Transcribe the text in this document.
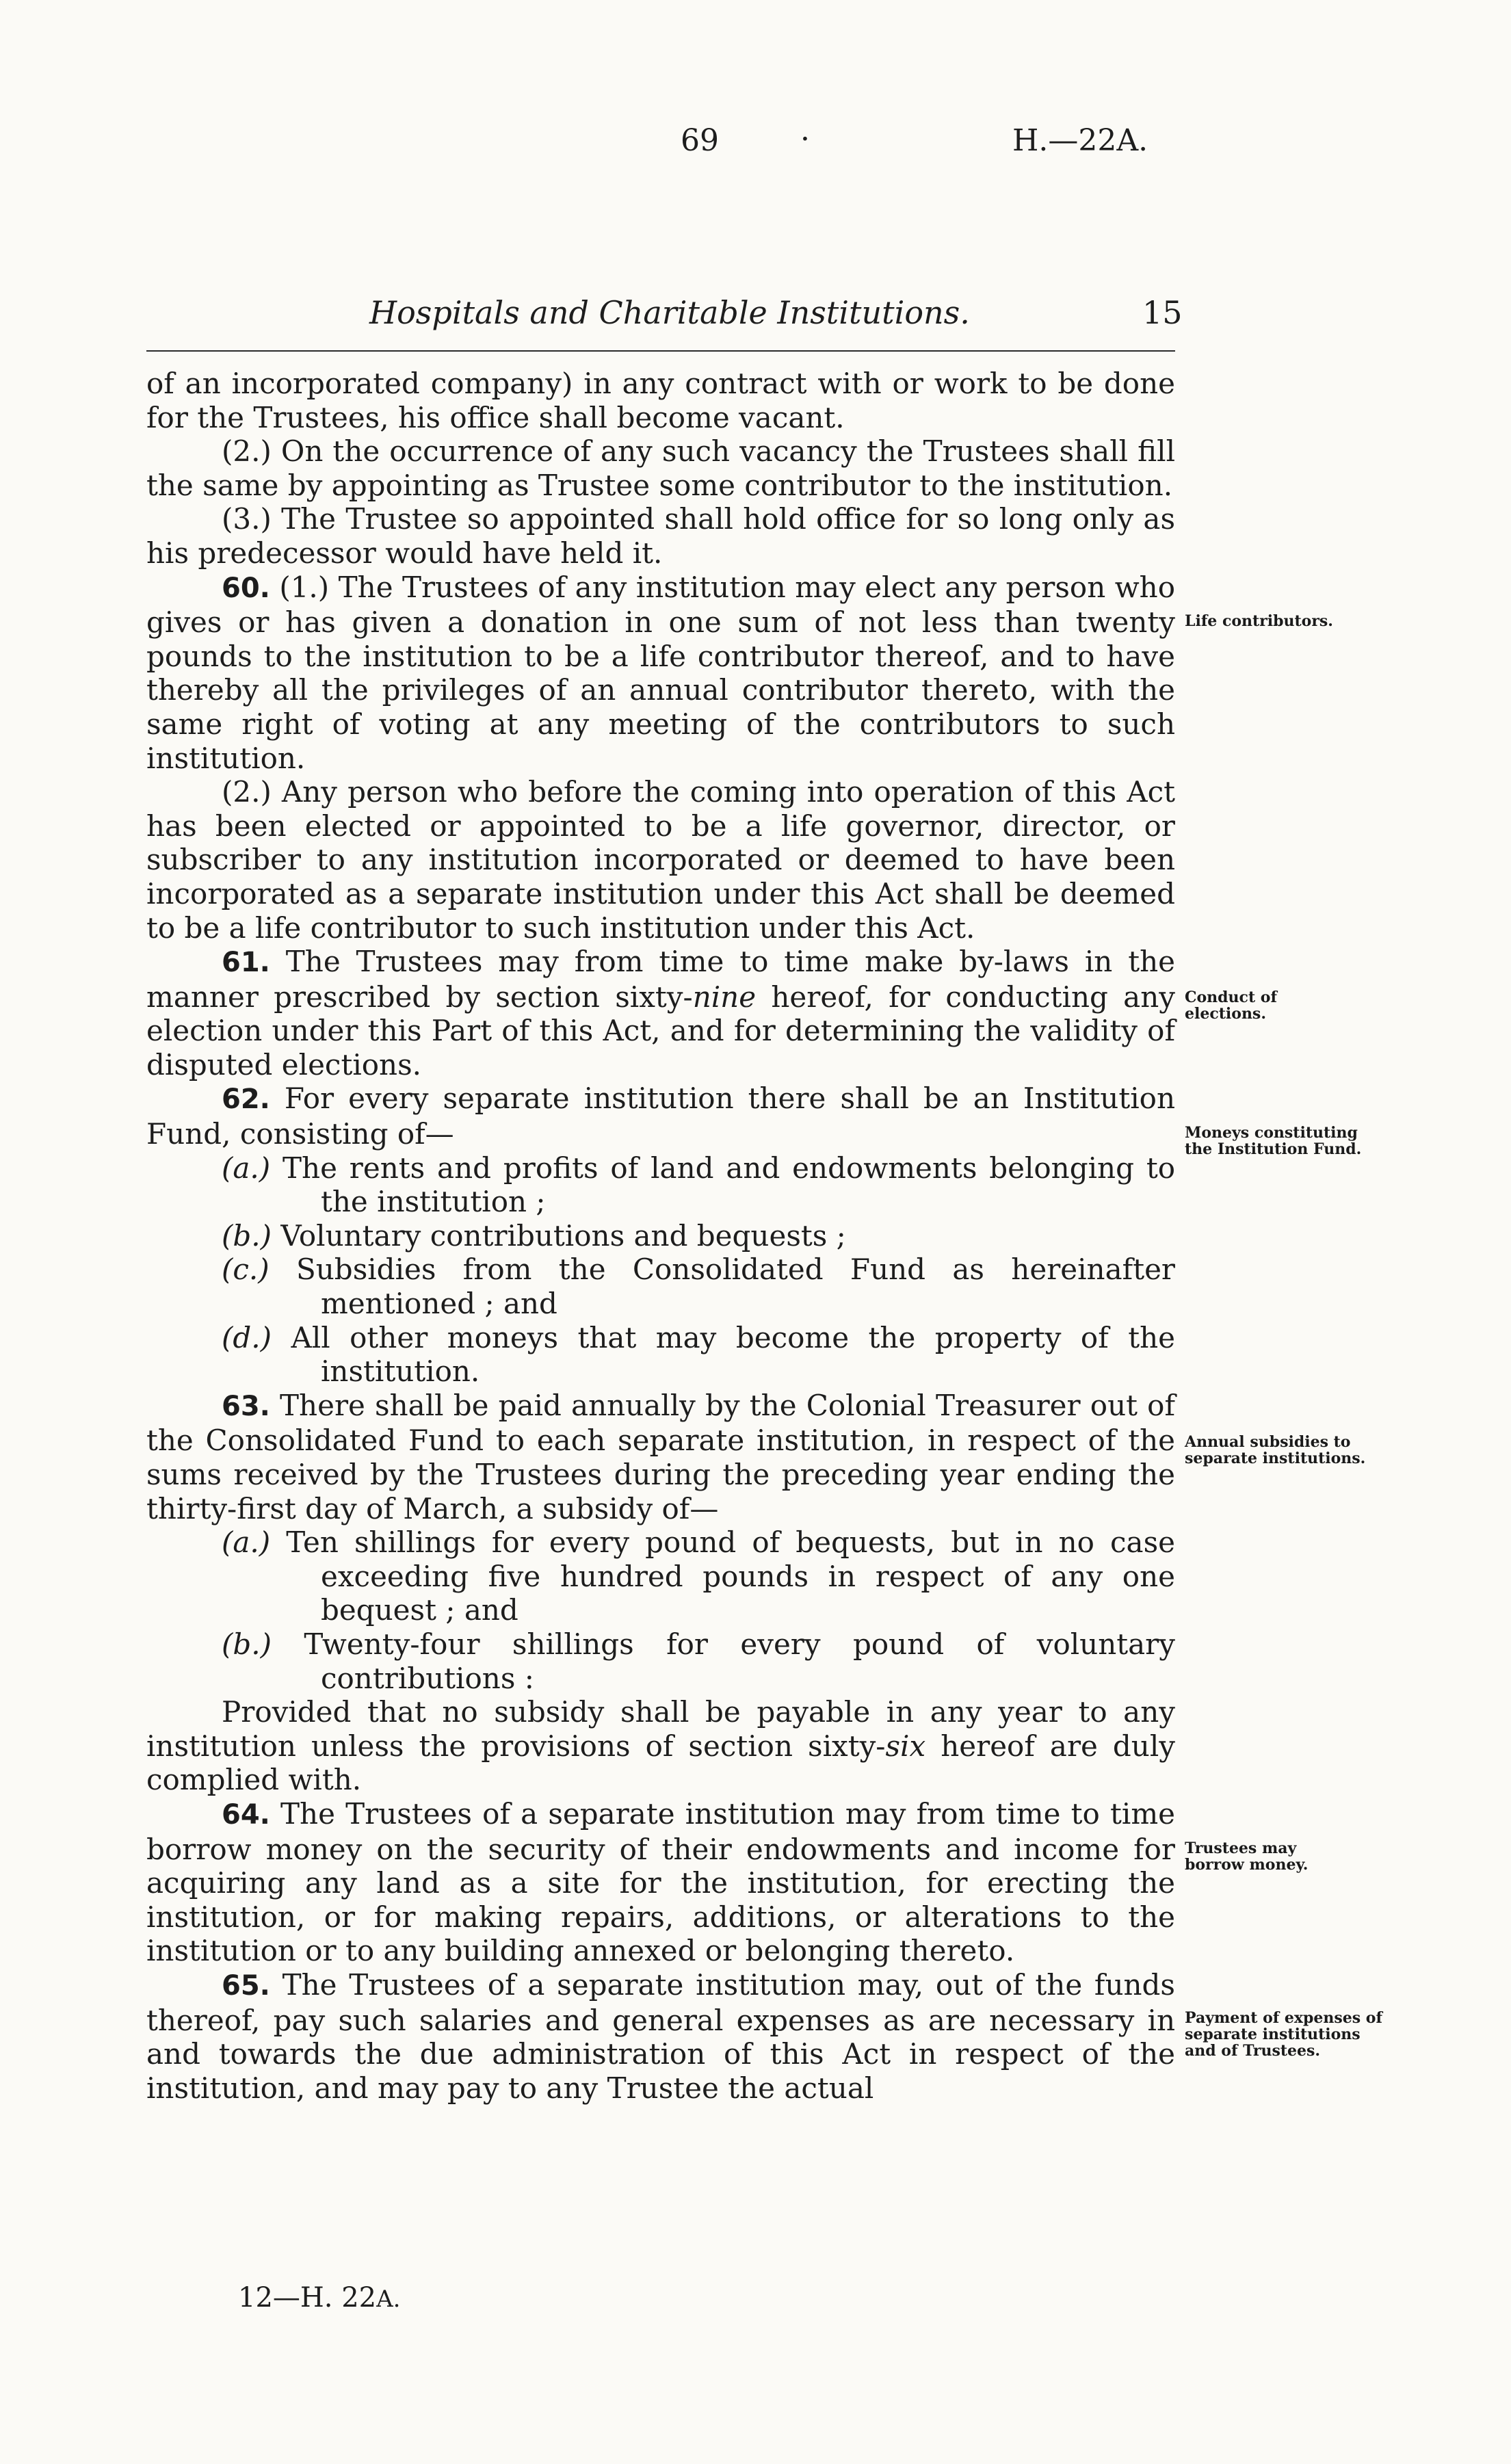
69	·	H.—22A.
Hospitals and Charitable Institutions.	15

of an incorporated company) in any contract with or work to be done for the Trustees, his office shall become vacant.

(2.) On the occurrence of any such vacancy the Trustees shall fill the same by appointing as Trustee some contributor to the institution.

(3.) The Trustee so appointed shall hold office for so long only as his predecessor would have held it.

60. (1.) The Trustees of any institution may elect any person who gives or has given a donation in one sum of not less than twenty pounds to the institution to be a life contributor thereof, and to have thereby all the privileges of an annual contributor thereto, with the same right of voting at any meeting of the contributors to such institution.

(2.) Any person who before the coming into operation of this Act has been elected or appointed to be a life governor, director, or subscriber to any institution incorporated or deemed to have been incorporated as a separate institution under this Act shall be deemed to be a life contributor to such institution under this Act.

61. The Trustees may from time to time make by-laws in the manner prescribed by section sixty-nine hereof, for conducting any election under this Part of this Act, and for determining the validity of disputed elections.

62. For every separate institution there shall be an Institution Fund, consisting of—

(a.) The rents and profits of land and endowments belonging to the institution ;

(b.) Voluntary contributions and bequests ;

(c.) Subsidies from the Consolidated Fund as hereinafter mentioned ; and

(d.) All other moneys that may become the property of the institution.

63. There shall be paid annually by the Colonial Treasurer out of the Consolidated Fund to each separate institution, in respect of the sums received by the Trustees during the preceding year ending the thirty-first day of March, a subsidy of—

(a.) Ten shillings for every pound of bequests, but in no case exceeding five hundred pounds in respect of any one bequest ; and

(b.) Twenty-four shillings for every pound of voluntary contributions :

Provided that no subsidy shall be payable in any year to any institution unless the provisions of section sixty-six hereof are duly complied with.

64. The Trustees of a separate institution may from time to time borrow money on the security of their endowments and income for acquiring any land as a site for the institution, for erecting the institution, or for making repairs, additions, or alterations to the institution or to any building annexed or belonging thereto.

65. The Trustees of a separate institution may, out of the funds thereof, pay such salaries and general expenses as are necessary in and towards the due administration of this Act in respect of the institution, and may pay to any Trustee the actual

Life contributors.
Conduct of elections.
Moneys constituting the Institution Fund.
Annual subsidies to separate institutions.
Trustees may borrow money.
Payment of expenses of separate institutions and of Trustees.
12—H. 22A.
